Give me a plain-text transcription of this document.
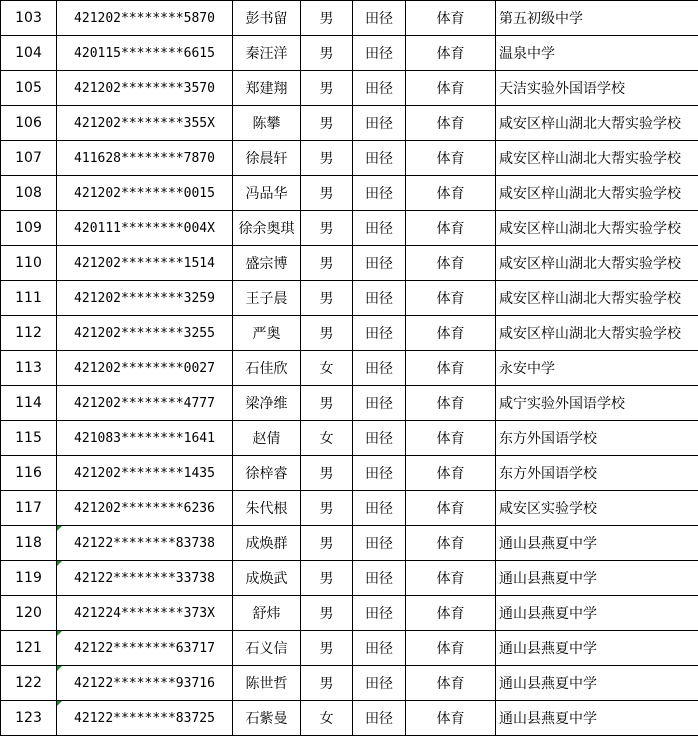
103	421202********5870	彭书留	男	田径	体育	第五初级中学
104	420115********6615	秦汪洋	男	田径	体育	温泉中学
105	421202********3570	郑建翔	男	田径	体育	天洁实验外国语学校
106	421202********355X	陈攀	男	田径	体育	咸安区梓山湖北大帮实验学校
107	411628********7870	徐晨轩	男	田径	体育	咸安区梓山湖北大帮实验学校
108	421202********0015	冯品华	男	田径	体育	咸安区梓山湖北大帮实验学校
109	420111********004X	徐余奥琪	男	田径	体育	咸安区梓山湖北大帮实验学校
110	421202********1514	盛宗博	男	田径	体育	咸安区梓山湖北大帮实验学校
111	421202********3259	王子晨	男	田径	体育	咸安区梓山湖北大帮实验学校
112	421202********3255	严奥	男	田径	体育	咸安区梓山湖北大帮实验学校
113	421202********0027	石佳欣	女	田径	体育	永安中学
114	421202********4777	梁净维	男	田径	体育	咸宁实验外国语学校
115	421083********1641	赵倩	女	田径	体育	东方外国语学校
116	421202********1435	徐梓睿	男	田径	体育	东方外国语学校
117	421202********6236	朱代根	男	田径	体育	咸安区实验学校
118	42122********83738	成焕群	男	田径	体育	通山县燕夏中学
119	42122********33738	成焕武	男	田径	体育	通山县燕夏中学
120	421224********373X	舒炜	男	田径	体育	通山县燕夏中学
121	42122********63717	石义信	男	田径	体育	通山县燕夏中学
122	42122********93716	陈世哲	男	田径	体育	通山县燕夏中学
123	42122********83725	石紫曼	女	田径	体育	通山县燕夏中学
